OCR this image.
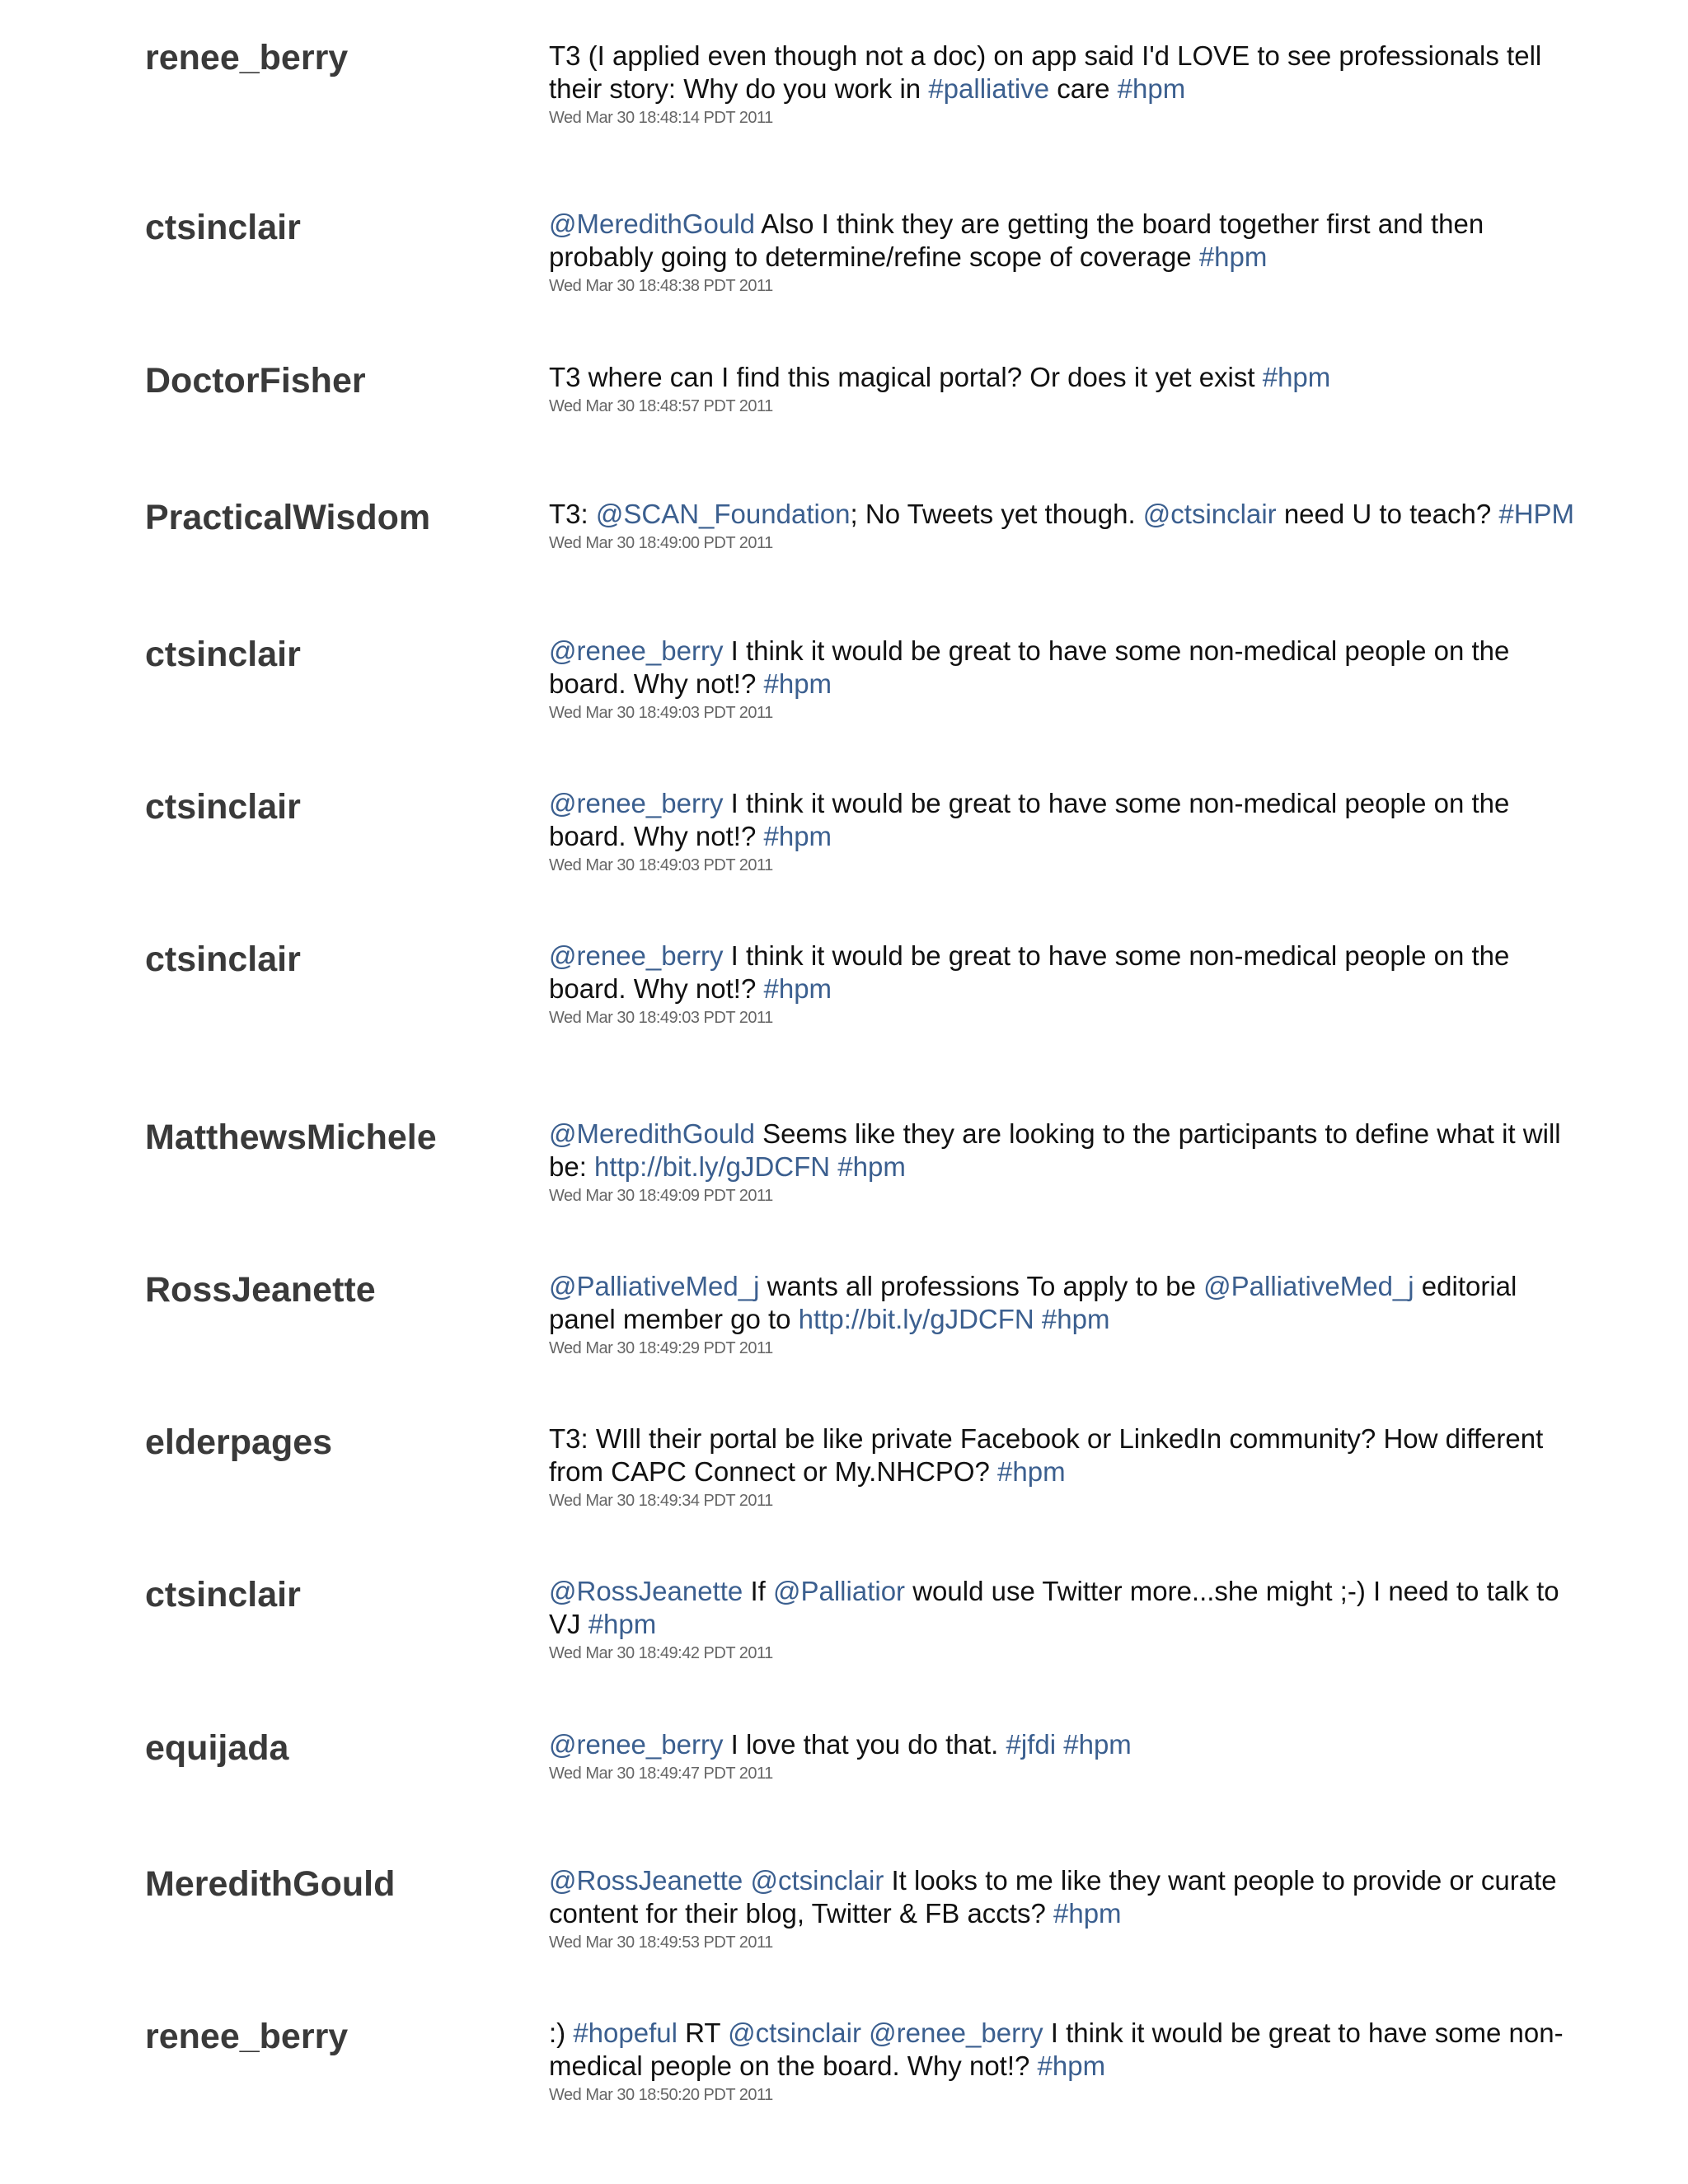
renee_berry	T3 (I applied even though not a doc) on app said I'd LOVE to see professionals tell
their story: Why do you work in #palliative care #hpm
Wed Mar 30 18:48:14 PDT 2011
ctsinclair	@MeredithGould Also I think they are getting the board together first and then
probably going to determine/refine scope of coverage #hpm
Wed Mar 30 18:48:38 PDT 2011
DoctorFisher	T3 where can I find this magical portal? Or does it yet exist #hpm
Wed Mar 30 18:48:57 PDT 2011
PracticalWisdom	T3: @SCAN_Foundation; No Tweets yet though. @ctsinclair need U to teach? #HPM
Wed Mar 30 18:49:00 PDT 2011
ctsinclair	@renee_berry I think it would be great to have some non-medical people on the
board. Why not!? #hpm
Wed Mar 30 18:49:03 PDT 2011
ctsinclair	@renee_berry I think it would be great to have some non-medical people on the
board. Why not!? #hpm
Wed Mar 30 18:49:03 PDT 2011
ctsinclair	@renee_berry I think it would be great to have some non-medical people on the
board. Why not!? #hpm
Wed Mar 30 18:49:03 PDT 2011
MatthewsMichele	@MeredithGould Seems like they are looking to the participants to define what it will
be: http://bit.ly/gJDCFN #hpm
Wed Mar 30 18:49:09 PDT 2011
RossJeanette	@PalliativeMed_j wants all professions To apply to be @PalliativeMed_j editorial
panel member go to http://bit.ly/gJDCFN #hpm
Wed Mar 30 18:49:29 PDT 2011
elderpages	T3: WIll their portal be like private Facebook or LinkedIn community? How different
from CAPC Connect or My.NHCPO? #hpm
Wed Mar 30 18:49:34 PDT 2011
ctsinclair	@RossJeanette If @Palliatior would use Twitter more...she might ;-) I need to talk to
VJ #hpm
Wed Mar 30 18:49:42 PDT 2011
equijada	@renee_berry I love that you do that. #jfdi #hpm
Wed Mar 30 18:49:47 PDT 2011
MeredithGould	@RossJeanette @ctsinclair It looks to me like they want people to provide or curate
content for their blog, Twitter & FB accts? #hpm
Wed Mar 30 18:49:53 PDT 2011
renee_berry	:) #hopeful RT @ctsinclair @renee_berry I think it would be great to have some non-
medical people on the board. Why not!? #hpm
Wed Mar 30 18:50:20 PDT 2011
